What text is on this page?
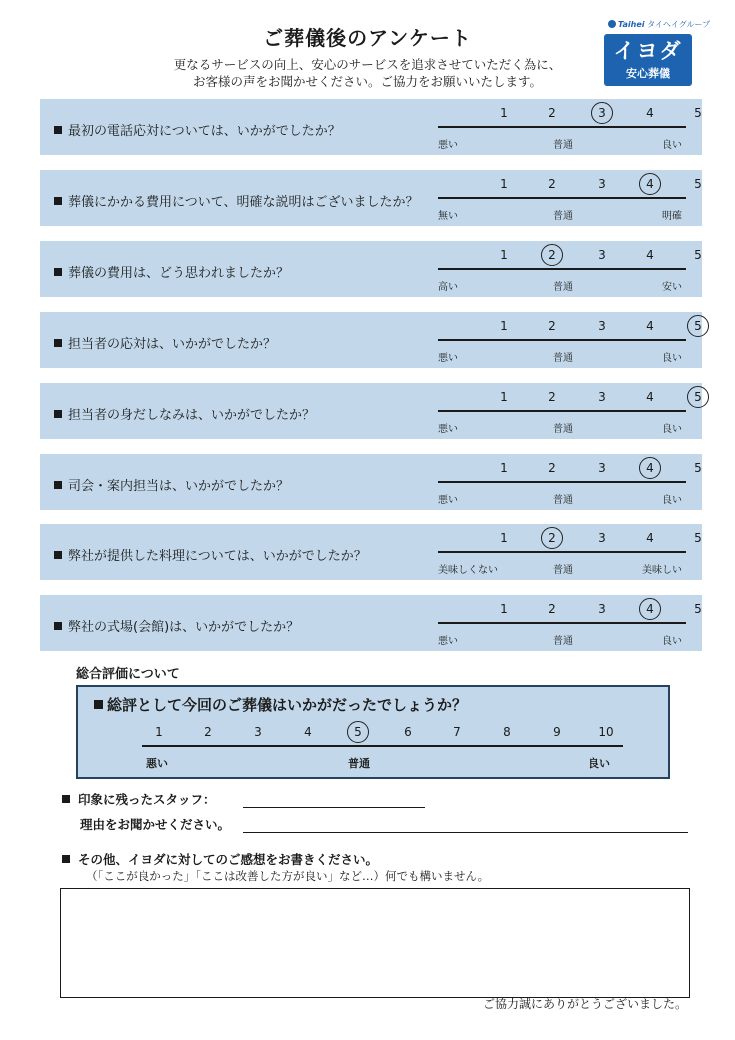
ご葬儀後のアンケート
更なるサービスの向上、安心のサービスを追求させていただく為に、
お客様の声をお聞かせください。ご協力をお願いいたします。
Taihei タイヘイグループ
イヨダ
安心葬儀
最初の電話応対については、いかがでしたか？
1	2	3	4	5
悪い	普通	良い
葬儀にかかる費用について、明確な説明はございましたか？
1	2	3	4	5
無い	普通	明確
葬儀の費用は、どう思われましたか？
1	2	3	4	5
高い	普通	安い
担当者の応対は、いかがでしたか？
1	2	3	4	5
悪い	普通	良い
担当者の身だしなみは、いかがでしたか？
1	2	3	4	5
悪い	普通	良い
司会・案内担当は、いかがでしたか？
1	2	3	4	5
悪い	普通	良い
弊社が提供した料理については、いかがでしたか？
1	2	3	4	5
美味しくない	普通	美味しい
弊社の式場(会館)は、いかがでしたか？
1	2	3	4	5
悪い	普通	良い
総合評価について
総評として今回のご葬儀はいかがだったでしょうか？
1	2	3	4	5	6	7	8	9	10
悪い	普通	良い
印象に残ったスタッフ：
理由をお聞かせください。
その他、イヨダに対してのご感想をお書きください。
（「ここが良かった」「ここは改善した方が良い」など…）何でも構いません。
ご協力誠にありがとうございました。
